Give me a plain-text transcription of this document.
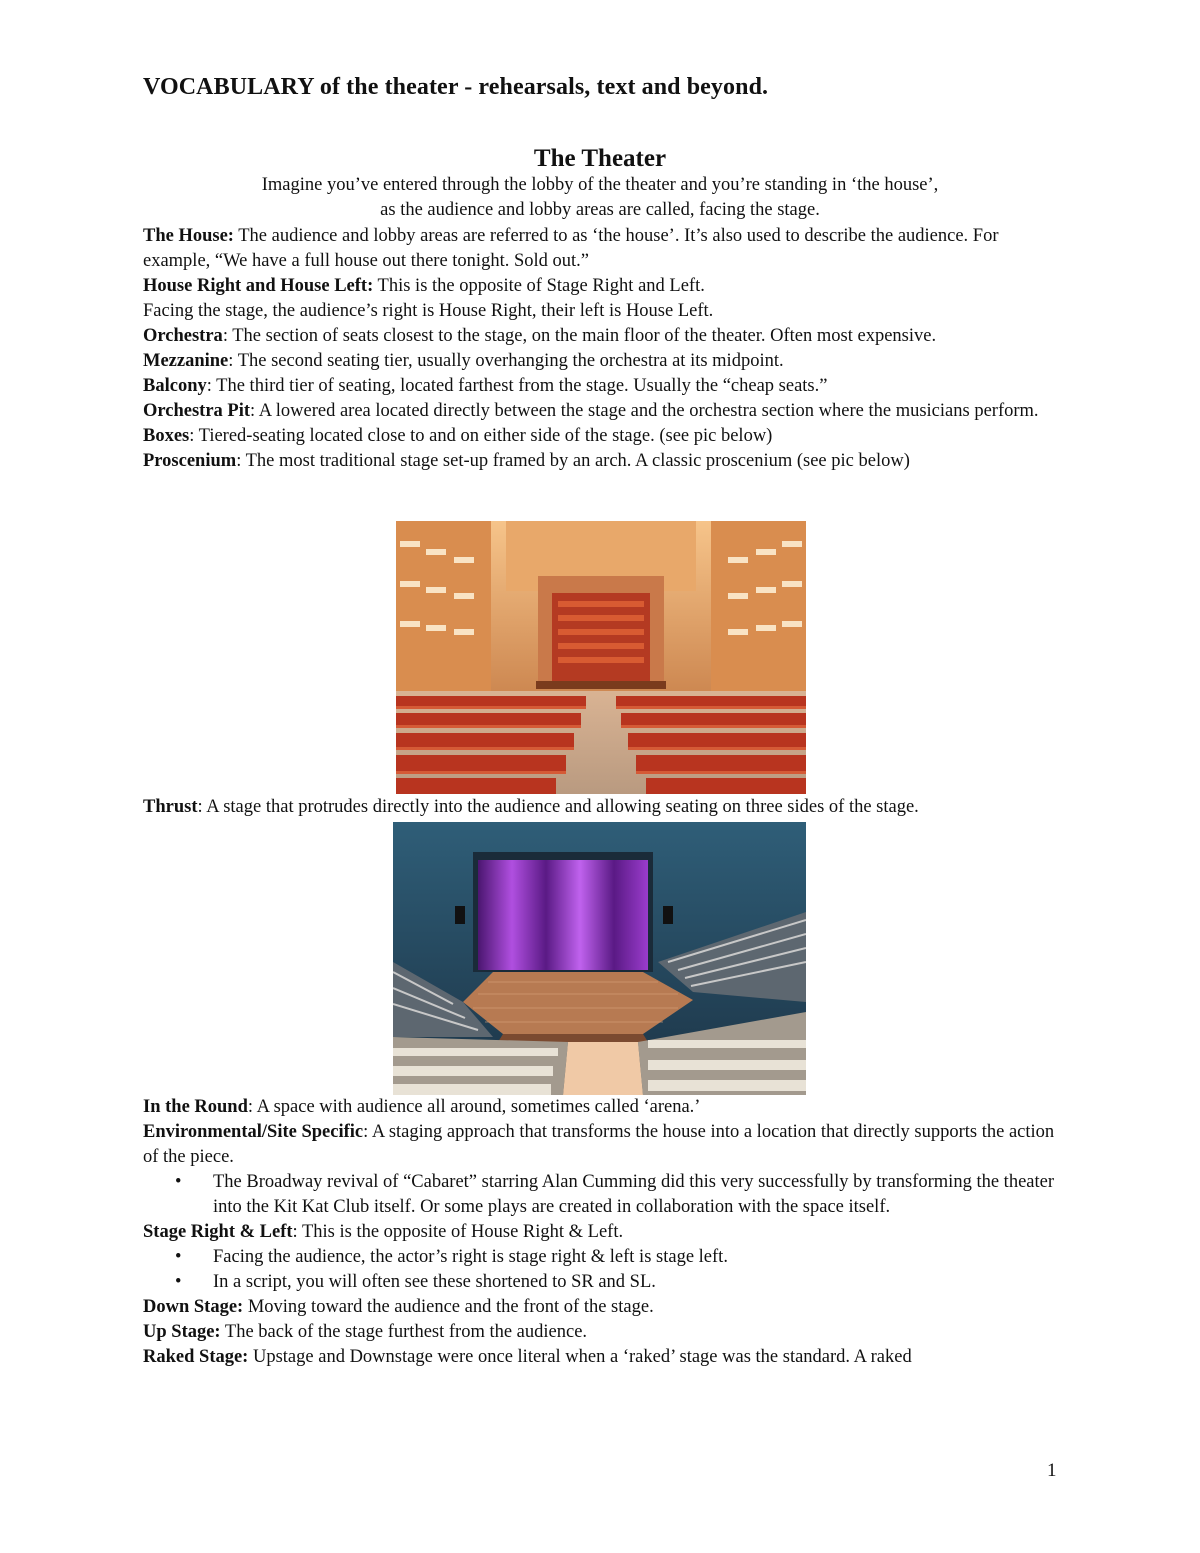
VOCABULARY of the theater - rehearsals, text and beyond.
The Theater
Imagine you’ve entered through the lobby of the theater and you’re standing in ‘the house’,
as the audience and lobby areas are called, facing the stage.

The House: The audience and lobby areas are referred to as ‘the house’. It’s also used to describe the audience. For example, “We have a full house out there tonight. Sold out.”

House Right and House Left: This is the opposite of Stage Right and Left.

Facing the stage, the audience’s right is House Right, their left is House Left.

Orchestra: The section of seats closest to the stage, on the main floor of the theater. Often most expensive.

Mezzanine: The second seating tier, usually overhanging the orchestra at its midpoint.

Balcony: The third tier of seating, located farthest from the stage. Usually the “cheap seats.”

Orchestra Pit: A lowered area located directly between the stage and the orchestra section where the musicians perform.

Boxes: Tiered-seating located close to and on either side of the stage. (see pic below)

Proscenium: The most traditional stage set-up framed by an arch. A classic proscenium (see pic below)

Thrust: A stage that protrudes directly into the audience and allowing seating on three sides of the stage.

In the Round: A space with audience all around, sometimes called ‘arena.’

Environmental/Site Specific: A staging approach that transforms the house into a location that directly supports the action of the piece.

• The Broadway revival of “Cabaret” starring Alan Cumming did this very successfully by transforming the theater into the Kit Kat Club itself. Or some plays are created in collaboration with the space itself.

Stage Right & Left: This is the opposite of House Right & Left.

• Facing the audience, the actor’s right is stage right & left is stage left.
• In a script, you will often see these shortened to SR and SL.

Down Stage: Moving toward the audience and the front of the stage.

Up Stage: The back of the stage furthest from the audience.

Raked Stage: Upstage and Downstage were once literal when a ‘raked’ stage was the standard. A raked

1
